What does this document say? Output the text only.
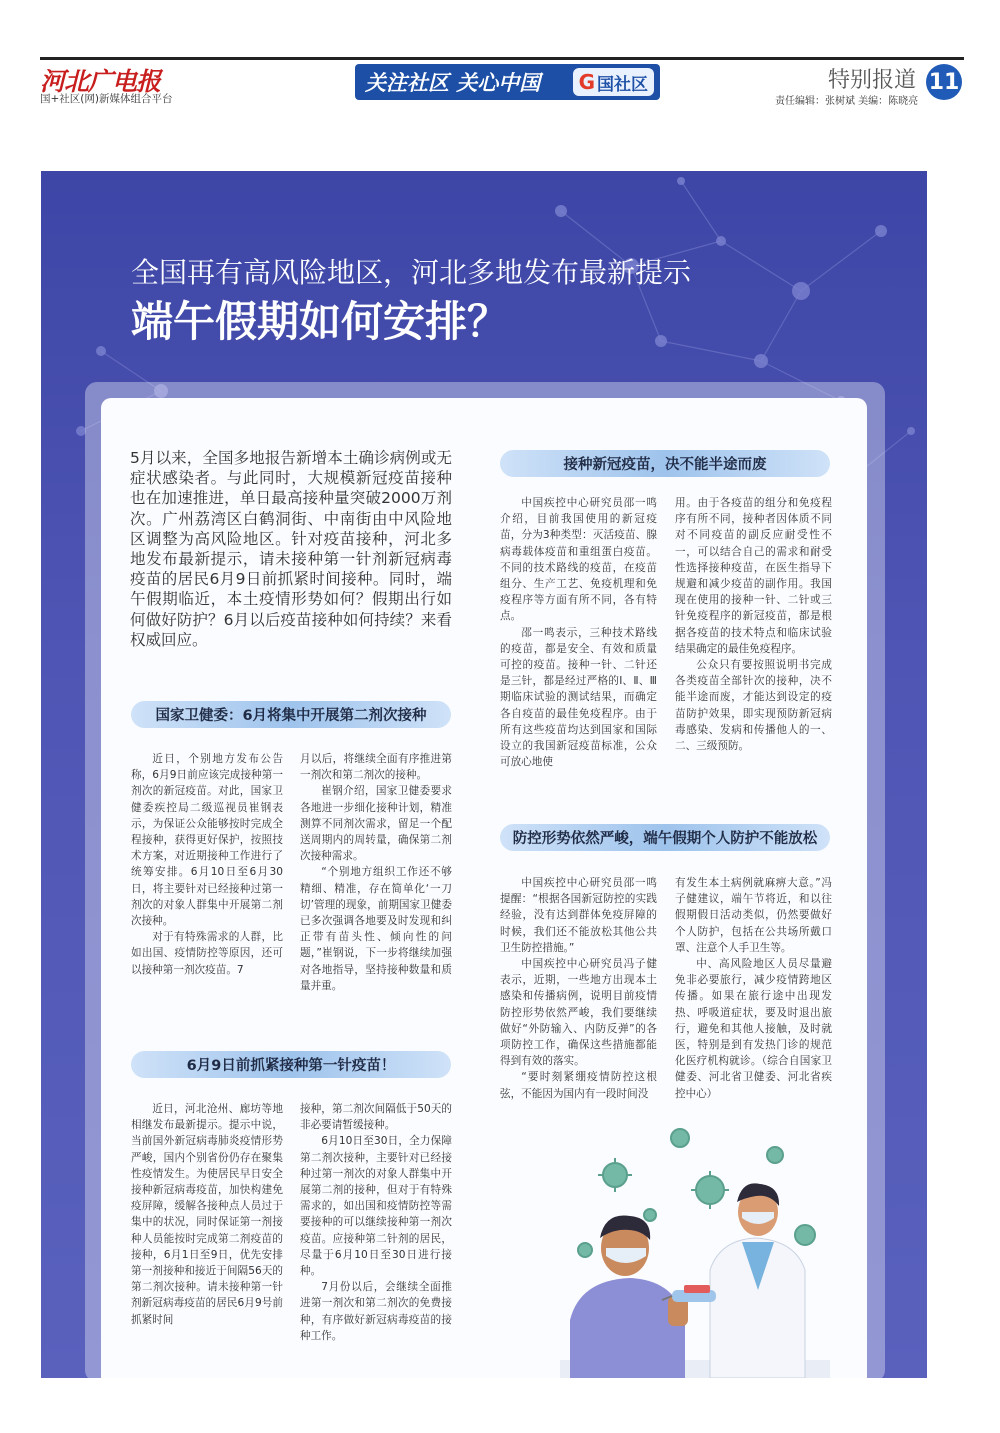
河北广电报
国+社区(网)新媒体组合平台
关注社区 关心中国 G 国社区	特别报道 11
责任编辑：张树斌 美编：陈晓亮
全国再有高风险地区，河北多地发布最新提示
端午假期如何安排？

5月以来，全国多地报告新增本土确诊病例或无症状感染者。与此同时，大规模新冠疫苗接种也在加速推进，单日最高接种量突破2000万剂次。广州荔湾区白鹤洞街、中南街由中风险地区调整为高风险地区。针对疫苗接种，河北多地发布最新提示，请未接种第一针剂新冠病毒疫苗的居民6月9日前抓紧时间接种。同时，端午假期临近，本土疫情形势如何？假期出行如何做好防护？6月以后疫苗接种如何持续？来看权威回应。

国家卫健委：6月将集中开展第二剂次接种

近日，个别地方发布公告称，6月9日前应该完成接种第一剂次的新冠疫苗。对此，国家卫健委疾控局二级巡视员崔钢表示，为保证公众能够按时完成全程接种，获得更好保护，按照技术方案，对近期接种工作进行了统筹安排。6月10日至6月30日，将主要针对已经接种过第一剂次的对象人群集中开展第二剂次接种。

对于有特殊需求的人群，比如出国、疫情防控等原因，还可以接种第一剂次疫苗。7

月以后，将继续全面有序推进第一剂次和第二剂次的接种。

崔钢介绍，国家卫健委要求各地进一步细化接种计划，精准测算不同剂次需求，留足一个配送周期内的周转量，确保第二剂次接种需求。

“个别地方组织工作还不够精细、精准，存在简单化‘一刀切’管理的现象，前期国家卫健委已多次强调各地要及时发现和纠正带有苗头性、倾向性的问题，”崔钢说，下一步将继续加强对各地指导，坚持接种数量和质量并重。

6月9日前抓紧接种第一针疫苗！

近日，河北沧州、廊坊等地相继发布最新提示。提示中说，当前国外新冠病毒肺炎疫情形势严峻，国内个别省份仍存在聚集性疫情发生。为使居民早日安全接种新冠病毒疫苗，加快构建免疫屏障，缓解各接种点人员过于集中的状况，同时保证第一剂接种人员能按时完成第二剂疫苗的接种，6月1日至9日，优先安排第一剂接种和接近于间隔56天的第二剂次接种。请未接种第一针剂新冠病毒疫苗的居民6月9号前抓紧时间

接种，第二剂次间隔低于50天的非必要请暂缓接种。

6月10日至30日，全力保障第二剂次接种，主要针对已经接种过第一剂次的对象人群集中开展第二剂的接种，但对于有特殊需求的，如出国和疫情防控等需要接种的可以继续接种第一剂次疫苗。应接种第二针剂的居民，尽量于6月10日至30日进行接种。

7月份以后，会继续全面推进第一剂次和第二剂次的免费接种，有序做好新冠病毒疫苗的接种工作。

接种新冠疫苗，决不能半途而废

中国疾控中心研究员邵一鸣介绍，目前我国使用的新冠疫苗，分为3种类型：灭活疫苗、腺病毒载体疫苗和重组蛋白疫苗。不同的技术路线的疫苗，在疫苗组分、生产工艺、免疫机理和免疫程序等方面有所不同，各有特点。

邵一鸣表示，三种技术路线的疫苗，都是安全、有效和质量可控的疫苗。接种一针、二针还是三针，都是经过严格的Ⅰ、Ⅱ、Ⅲ期临床试验的测试结果，而确定各自疫苗的最佳免疫程序。由于所有这些疫苗均达到国家和国际设立的我国新冠疫苗标准，公众可放心地使

用。由于各疫苗的组分和免疫程序有所不同，接种者因体质不同对不同疫苗的副反应耐受性不一，可以结合自己的需求和耐受性选择接种疫苗，在医生指导下规避和减少疫苗的副作用。我国现在使用的接种一针、二针或三针免疫程序的新冠疫苗，都是根据各疫苗的技术特点和临床试验结果确定的最佳免疫程序。

公众只有要按照说明书完成各类疫苗全部针次的接种，决不能半途而废，才能达到设定的疫苗防护效果，即实现预防新冠病毒感染、发病和传播他人的一、二、三级预防。

防控形势依然严峻，端午假期个人防护不能放松

中国疾控中心研究员邵一鸣提醒：“根据各国新冠防控的实践经验，没有达到群体免疫屏障的时候，我们还不能放松其他公共卫生防控措施。”

中国疾控中心研究员冯子健表示，近期，一些地方出现本土感染和传播病例，说明目前疫情防控形势依然严峻，我们要继续做好“外防输入、内防反弹”的各项防控工作，确保这些措施都能得到有效的落实。

“要时刻紧绷疫情防控这根弦，不能因为国内有一段时间没

有发生本土病例就麻痹大意。”冯子健建议，端午节将近，和以往假期假日活动类似，仍然要做好个人防护，包括在公共场所戴口罩、注意个人手卫生等。

中、高风险地区人员尽量避免非必要旅行，减少疫情跨地区传播。如果在旅行途中出现发热、呼吸道症状，要及时退出旅行，避免和其他人接触，及时就医，特别是到有发热门诊的规范化医疗机构就诊。（综合自国家卫健委、河北省卫健委、河北省疾控中心）
